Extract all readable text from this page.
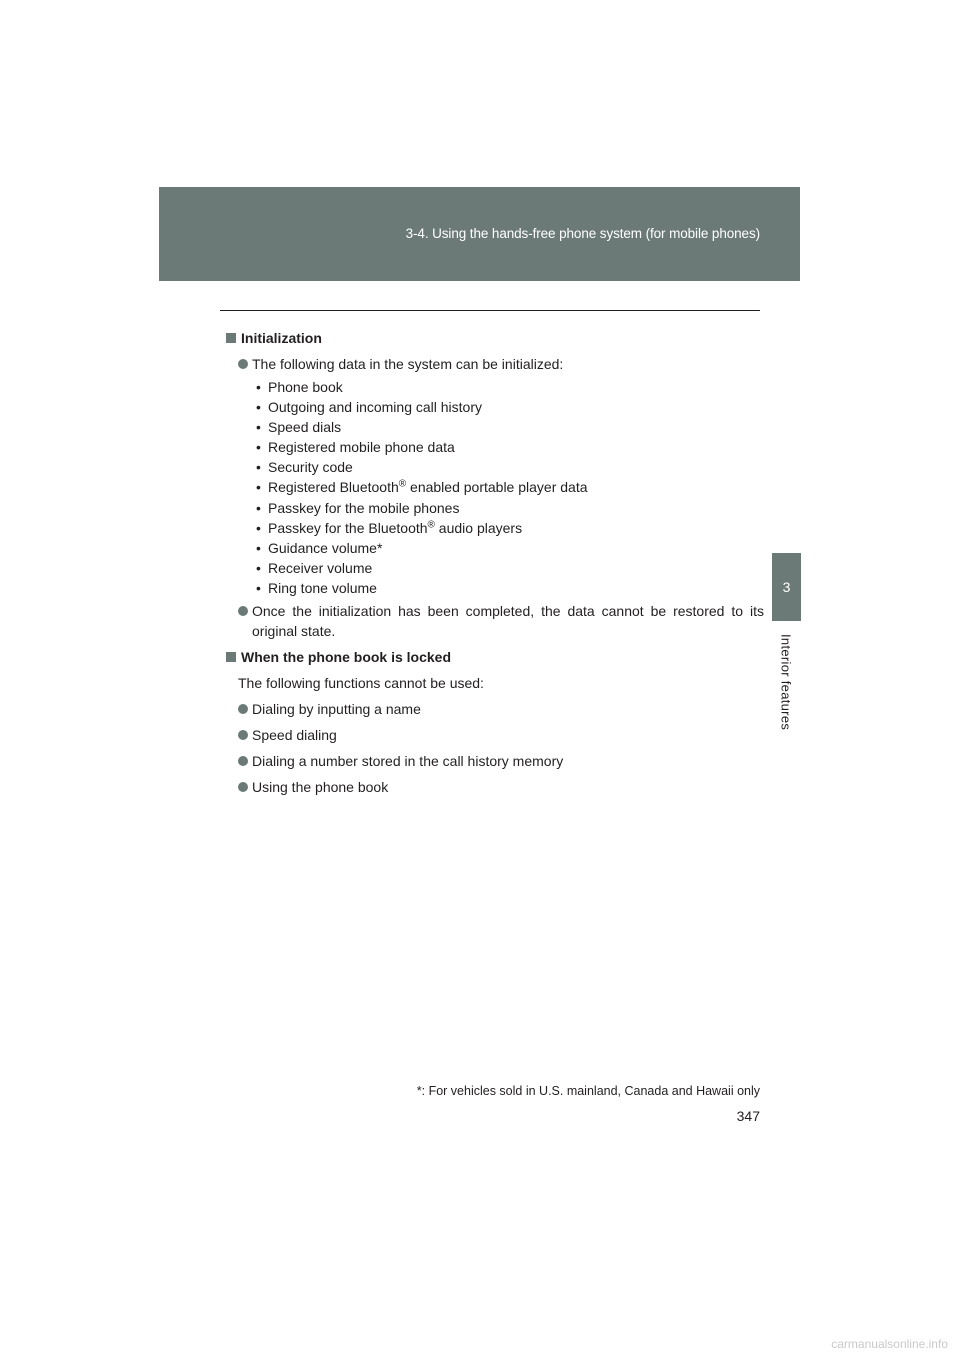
3-4. Using the hands-free phone system (for mobile phones)
3
Interior features
Initialization
The following data in the system can be initialized:
• Phone book
• Outgoing and incoming call history
• Speed dials
• Registered mobile phone data
• Security code
• Registered Bluetooth® enabled portable player data
• Passkey for the mobile phones
• Passkey for the Bluetooth® audio players
• Guidance volume*
• Receiver volume
• Ring tone volume
Once the initialization has been completed, the data cannot be restored to its original state.
When the phone book is locked
The following functions cannot be used:
Dialing by inputting a name
Speed dialing
Dialing a number stored in the call history memory
Using the phone book
*: For vehicles sold in U.S. mainland, Canada and Hawaii only
347
carmanualsonline.info
